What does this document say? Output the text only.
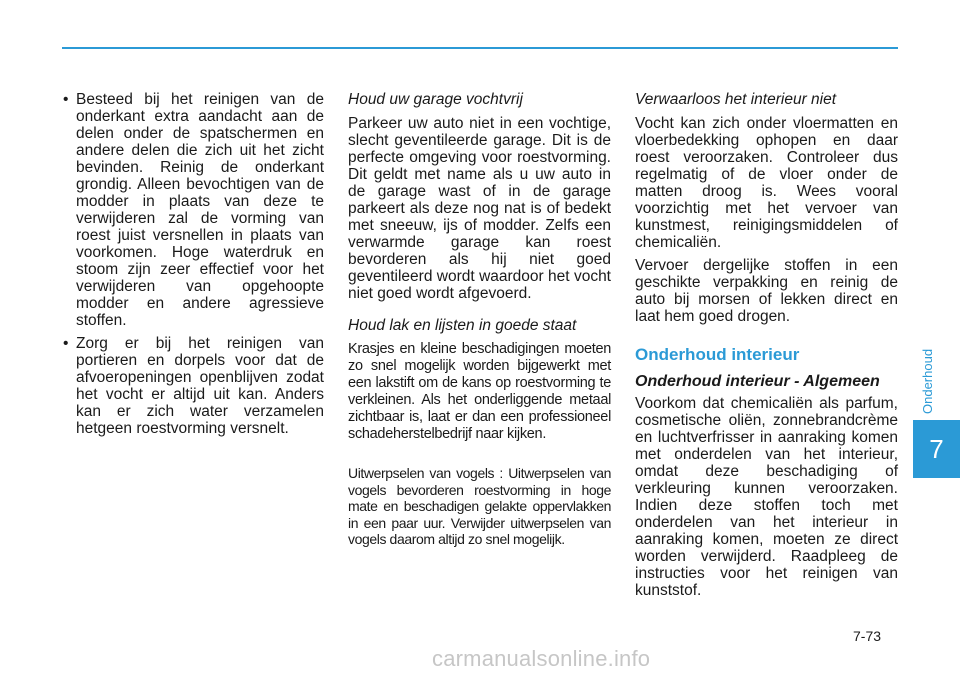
• Besteed bij het reinigen van de onderkant extra aandacht aan de delen onder de spatschermen en andere delen die zich uit het zicht bevinden. Reinig de onderkant grondig. Alleen bevochtigen van de modder in plaats van deze te verwijderen zal de vorming van roest juist versnellen in plaats van voorkomen. Hoge waterdruk en stoom zijn zeer effectief voor het verwijderen van opgehoopte modder en andere agressieve stoffen.
• Zorg er bij het reinigen van portieren en dorpels voor dat de afvoeropeningen openblijven zodat het vocht er altijd uit kan. Anders kan er zich water verzamelen hetgeen roestvorming versnelt.

Houd uw garage vochtvrij

Parkeer uw auto niet in een vochtige, slecht geventileerde garage. Dit is de perfecte omgeving voor roestvorming. Dit geldt met name als u uw auto in de garage wast of in de garage parkeert als deze nog nat is of bedekt met sneeuw, ijs of modder. Zelfs een verwarmde garage kan roest bevorderen als hij niet goed geventileerd wordt waardoor het vocht niet goed wordt afgevoerd.

Houd lak en lijsten in goede staat

Krasjes en kleine beschadigingen moeten zo snel mogelijk worden bijgewerkt met een lakstift om de kans op roestvorming te verkleinen. Als het onderliggende metaal zichtbaar is, laat er dan een professioneel schadeherstelbedrijf naar kijken.

Uitwerpselen van vogels : Uitwerpselen van vogels bevorderen roestvorming in hoge mate en beschadigen gelakte oppervlakken in een paar uur. Verwijder uitwerpselen van vogels daarom altijd zo snel mogelijk.

Verwaarloos het interieur niet

Vocht kan zich onder vloermatten en vloerbedekking ophopen en daar roest veroorzaken. Controleer dus regelmatig of de vloer onder de matten droog is. Wees vooral voorzichtig met het vervoer van kunstmest, reinigingsmiddelen of chemicaliën.

Vervoer dergelijke stoffen in een geschikte verpakking en reinig de auto bij morsen of lekken direct en laat hem goed drogen.

Onderhoud interieur

Onderhoud interieur - Algemeen

Voorkom dat chemicaliën als parfum, cosmetische oliën, zonnebrandcrème en luchtverfrisser in aanraking komen met onderdelen van het interieur, omdat deze beschadiging of verkleuring kunnen veroorzaken. Indien deze stoffen toch met onderdelen van het interieur in aanraking komen, moeten ze direct worden verwijderd. Raadpleeg de instructies voor het reinigen van kunststof.

Onderhoud
7
7-73
carmanualsonline.info
